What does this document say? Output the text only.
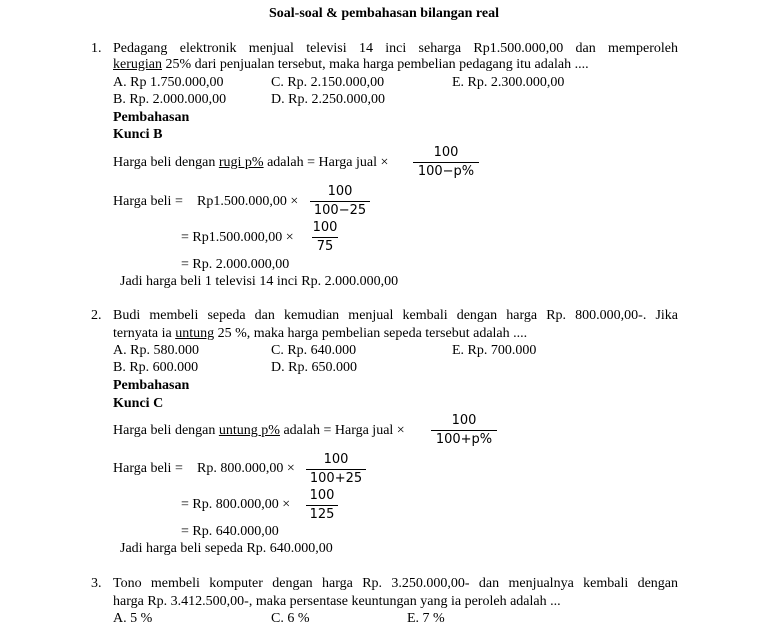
Soal-soal & pembahasan bilangan real
1. Pedagang elektronik menjual televisi 14 inci seharga Rp1.500.000,00 dan memperoleh
kerugian 25% dari penjualan tersebut, maka harga pembelian pedagang itu adalah ....
A. Rp 1.750.000,00	C. Rp. 2.150.000,00	E. Rp. 2.300.000,00
B. Rp. 2.000.000,00	D. Rp. 2.250.000,00
Pembahasan
Kunci B
Harga beli dengan rugi p% adalah = Harga jual ×
100
100−p%
Harga beli = Rp1.500.000,00 ×
100
100−25
= Rp1.500.000,00 ×
100
75
= Rp. 2.000.000,00
Jadi harga beli 1 televisi 14 inci Rp. 2.000.000,00
2. Budi membeli sepeda dan kemudian menjual kembali dengan harga Rp. 800.000,00-. Jika
ternyata ia untung 25 %, maka harga pembelian sepeda tersebut adalah ....
A. Rp. 580.000	C. Rp. 640.000	E. Rp. 700.000
B. Rp. 600.000	D. Rp. 650.000
Pembahasan
Kunci C
Harga beli dengan untung p% adalah = Harga jual ×
100
100+p%
Harga beli = Rp. 800.000,00 ×
100
100+25
= Rp. 800.000,00 ×
100
125
= Rp. 640.000,00
Jadi harga beli sepeda Rp. 640.000,00
3. Tono membeli komputer dengan harga Rp. 3.250.000,00- dan menjualnya kembali dengan
harga Rp. 3.412.500,00-, maka persentase keuntungan yang ia peroleh adalah ...
A. 5 %	C. 6 %	E. 7 %
